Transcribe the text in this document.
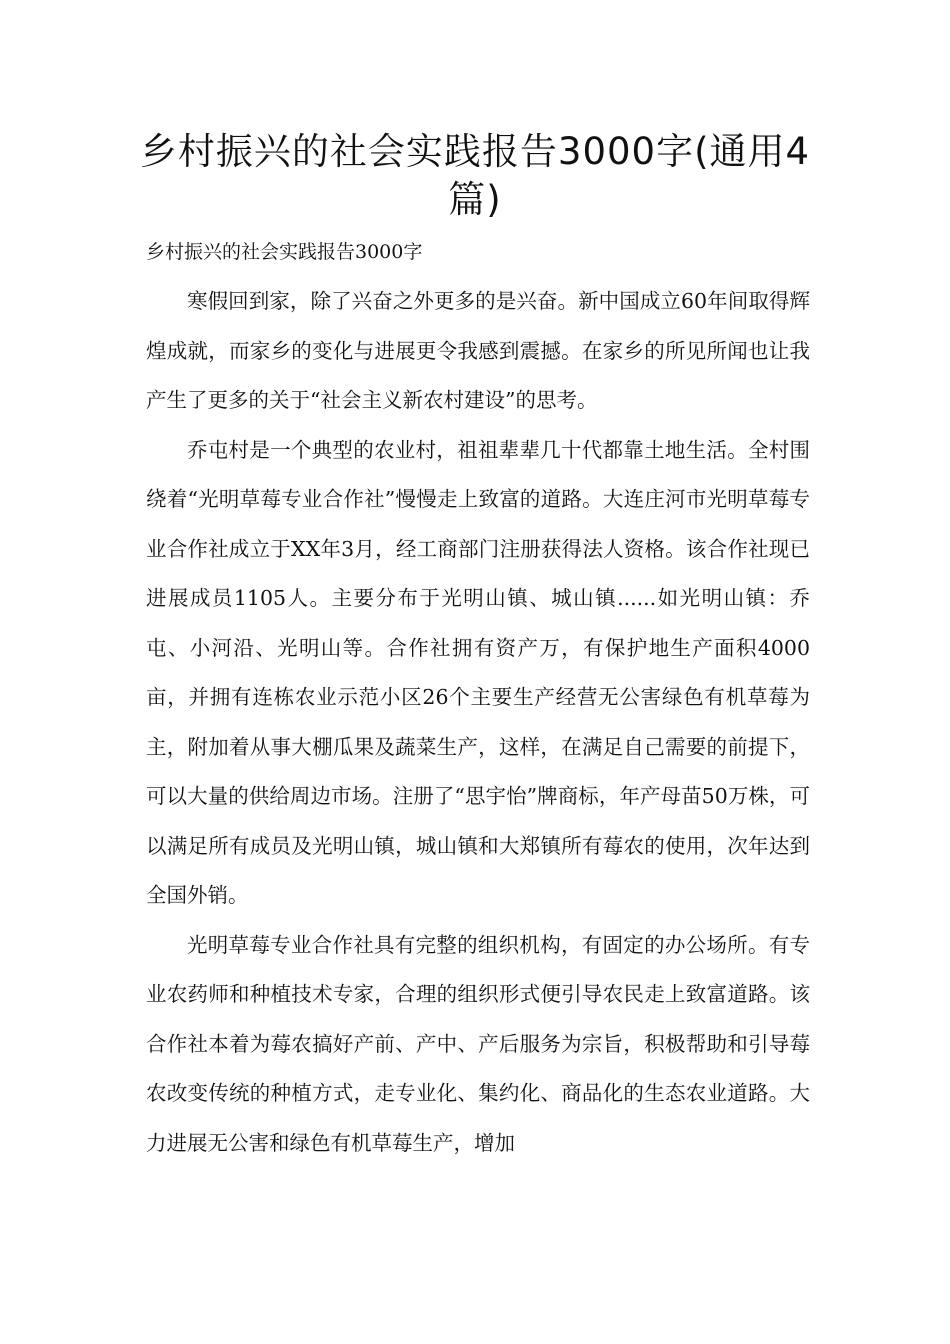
乡村振兴的社会实践报告3000字(通用4篇)

乡村振兴的社会实践报告3000字

寒假回到家，除了兴奋之外更多的是兴奋。新中国成立60年间取得辉煌成就，而家乡的变化与进展更令我感到震撼。在家乡的所见所闻也让我产生了更多的关于“社会主义新农村建设”的思考。

乔屯村是一个典型的农业村，祖祖辈辈几十代都靠土地生活。全村围绕着“光明草莓专业合作社”慢慢走上致富的道路。大连庄河市光明草莓专业合作社成立于XX年3月，经工商部门注册获得法人资格。该合作社现已进展成员1105人。主要分布于光明山镇、城山镇......如光明山镇：乔屯、小河沿、光明山等。合作社拥有资产万，有保护地生产面积4000亩，并拥有连栋农业示范小区26个主要生产经营无公害绿色有机草莓为主，附加着从事大棚瓜果及蔬菜生产，这样，在满足自己需要的前提下，可以大量的供给周边市场。注册了“思宇怡”牌商标，年产母苗50万株，可以满足所有成员及光明山镇，城山镇和大郑镇所有莓农的使用，次年达到全国外销。

光明草莓专业合作社具有完整的组织机构，有固定的办公场所。有专业农药师和种植技术专家，合理的组织形式便引导农民走上致富道路。该合作社本着为莓农搞好产前、产中、产后服务为宗旨，积极帮助和引导莓农改变传统的种植方式，走专业化、集约化、商品化的生态农业道路。大力进展无公害和绿色有机草莓生产，增加
